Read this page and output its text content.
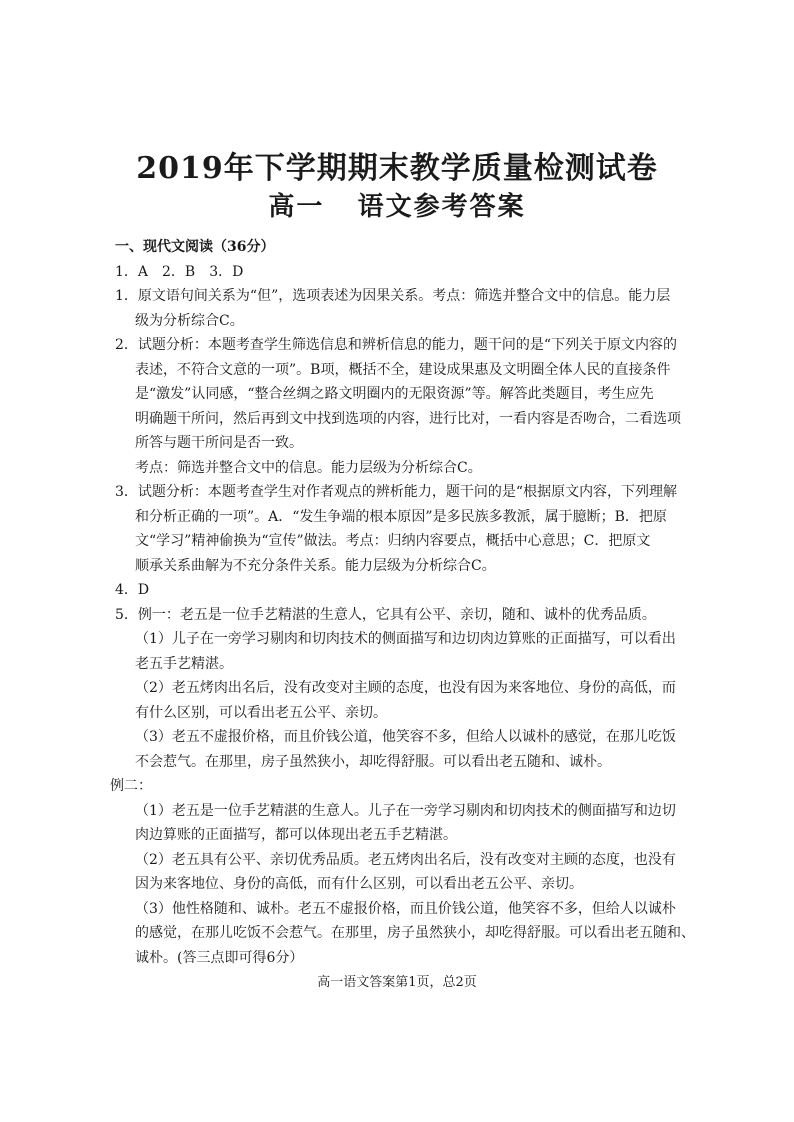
2019年下学期期末教学质量检测试卷
高一   语文参考答案
一、现代文阅读（36分）
1．A　2．B　3．D
1．原文语句间关系为“但”，选项表述为因果关系。考点：筛选并整合文中的信息。能力层
级为分析综合C。
2．试题分析：本题考查学生筛选信息和辨析信息的能力，题干问的是“下列关于原文内容的
表述，不符合文意的一项”。B项，概括不全，建设成果惠及文明圈全体人民的直接条件
是“激发”认同感，“整合丝绸之路文明圈内的无限资源”等。解答此类题目，考生应先
明确题干所问，然后再到文中找到选项的内容，进行比对，一看内容是否吻合，二看选项
所答与题干所问是否一致。
考点：筛选并整合文中的信息。能力层级为分析综合C。
3．试题分析：本题考查学生对作者观点的辨析能力，题干问的是“根据原文内容，下列理解
和分析正确的一项”。A．“发生争端的根本原因”是多民族多教派，属于臆断；B．把原
文“学习”精神偷换为“宣传”做法。考点：归纳内容要点，概括中心意思；C．把原文
顺承关系曲解为不充分条件关系。能力层级为分析综合C。
4．D
5．例一：老五是一位手艺精湛的生意人，它具有公平、亲切，随和、诚朴的优秀品质。
（1）儿子在一旁学习剔肉和切肉技术的侧面描写和边切肉边算账的正面描写，可以看出
老五手艺精湛。
（2）老五烤肉出名后，没有改变对主顾的态度，也没有因为来客地位、身份的高低，而
有什么区别，可以看出老五公平、亲切。
（3）老五不虚报价格，而且价钱公道，他笑容不多，但给人以诚朴的感觉，在那儿吃饭
不会惹气。在那里，房子虽然狭小，却吃得舒服。可以看出老五随和、诚朴。
例二：
（1）老五是一位手艺精湛的生意人。儿子在一旁学习剔肉和切肉技术的侧面描写和边切
肉边算账的正面描写，都可以体现出老五手艺精湛。
（2）老五具有公平、亲切优秀品质。老五烤肉出名后，没有改变对主顾的态度，也没有
因为来客地位、身份的高低，而有什么区别，可以看出老五公平、亲切。
（3）他性格随和、诚朴。老五不虚报价格，而且价钱公道，他笑容不多，但给人以诚朴
的感觉，在那儿吃饭不会惹气。在那里，房子虽然狭小，却吃得舒服。可以看出老五随和、
诚朴。(答三点即可得6分）
高一语文答案第1页，总2页
